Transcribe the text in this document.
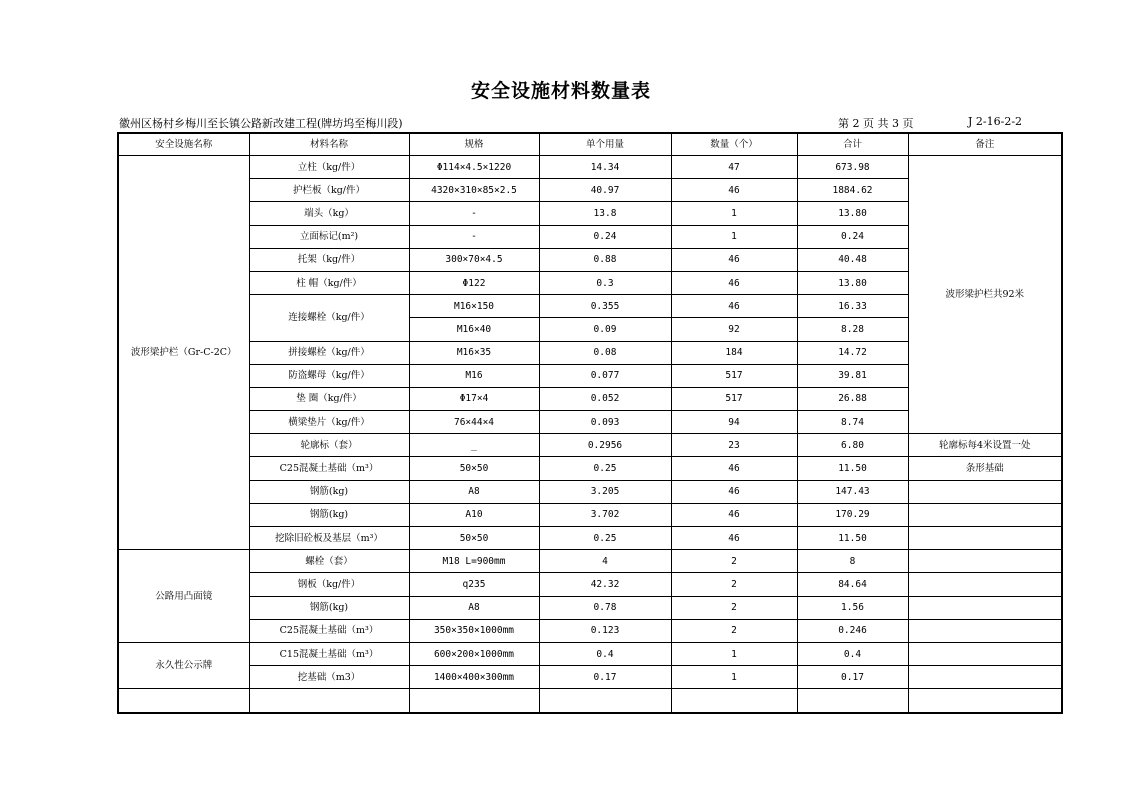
安全设施材料数量表
徽州区杨村乡梅川至长镇公路新改建工程(牌坊坞至梅川段)	第 2 页 共 3 页	J 2-16-2-2
安全设施名称	材料名称	规格	单个用量	数量（个）	合计	备注
波形梁护栏（Gr-C-2C）	立柱（kg/件）	Φ114×4.5×1220	14.34	47	673.98	波形梁护栏共92米
	护栏板（kg/件）	4320×310×85×2.5	40.97	46	1884.62	
	端头（kg）	-	13.8	1	13.80	
	立面标记(m²)	-	0.24	1	0.24	
	托架（kg/件）	300×70×4.5	0.88	46	40.48	
	柱 帽（kg/件）	Φ122	0.3	46	13.80	
	连接螺栓（kg/件）	M16×150	0.355	46	16.33	
		M16×40	0.09	92	8.28	
	拼接螺栓（kg/件）	M16×35	0.08	184	14.72	
	防盗螺母（kg/件）	M16	0.077	517	39.81	
	垫 圈（kg/件）	Φ17×4	0.052	517	26.88	
	横梁垫片（kg/件）	76×44×4	0.093	94	8.74	
	轮廓标（套）	_	0.2956	23	6.80	轮廓标每4米设置一处
	C25混凝土基础（m³）	50×50	0.25	46	11.50	条形基础
	钢筋(kg)	A8	3.205	46	147.43	
	钢筋(kg)	A10	3.702	46	170.29	
	挖除旧砼板及基层（m³）	50×50	0.25	46	11.50	
公路用凸面镜	螺栓（套）	M18 L=900mm	4	2	8	
	钢板（kg/件）	q235	42.32	2	84.64	
	钢筋(kg)	A8	0.78	2	1.56	
	C25混凝土基础（m³）	350×350×1000mm	0.123	2	0.246	
永久性公示牌	C15混凝土基础（m³）	600×200×1000mm	0.4	1	0.4	
	挖基础（m3）	1400×400×300mm	0.17	1	0.17	
